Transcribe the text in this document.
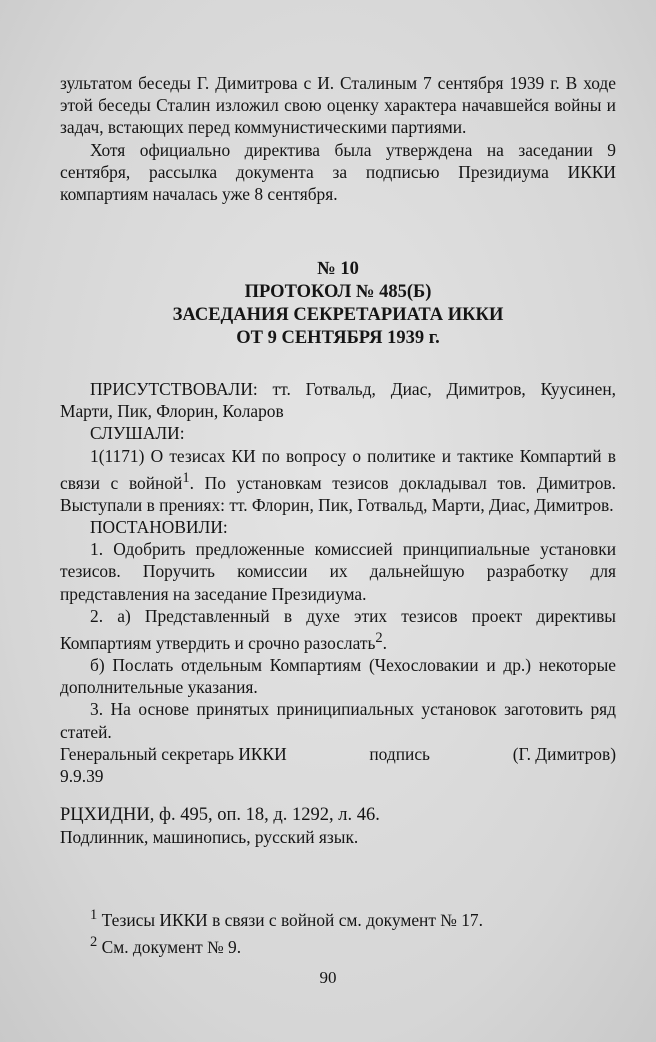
зультатом беседы Г. Димитрова с И. Сталиным 7 сентября 1939 г. В ходе этой беседы Сталин изложил свою оценку характера начавшейся войны и задач, встающих перед коммунистическими партиями.

Хотя официально директива была утверждена на заседании 9 сентября, рассылка документа за подписью Президиума ИККИ компартиям началась уже 8 сентября.

№ 10
ПРОТОКОЛ № 485(Б)
ЗАСЕДАНИЯ СЕКРЕТАРИАТА ИККИ
ОТ 9 СЕНТЯБРЯ 1939 г.

ПРИСУТСТВОВАЛИ: тт. Готвальд, Диас, Димитров, Куусинен, Марти, Пик, Флорин, Коларов

СЛУШАЛИ:

1(1171) О тезисах КИ по вопросу о политике и тактике Компартий в связи с войной$^1$. По установкам тезисов докладывал тов. Димитров. Выступали в прениях: тт. Флорин, Пик, Готвальд, Марти, Диас, Димитров.

ПОСТАНОВИЛИ:

1. Одобрить предложенные комиссией принципиальные установки тезисов. Поручить комиссии их дальнейшую разработку для представления на заседание Президиума.

2. а) Представленный в духе этих тезисов проект директивы Компартиям утвердить и срочно разослать$^2$.

б) Послать отдельным Компартиям (Чехословакии и др.) некоторые дополнительные указания.

3. На основе принятых приниципиальных установок заготовить ряд статей.

Генеральный секретарь ИККИ	подпись	(Г. Димитров)
9.9.39
РЦХИДНИ, ф. 495, оп. 18, д. 1292, л. 46.
Подлинник, машинопись, русский язык.

$^1$ Тезисы ИККИ в связи с войной см. документ № 17.

$^2$ См. документ № 9.

90
